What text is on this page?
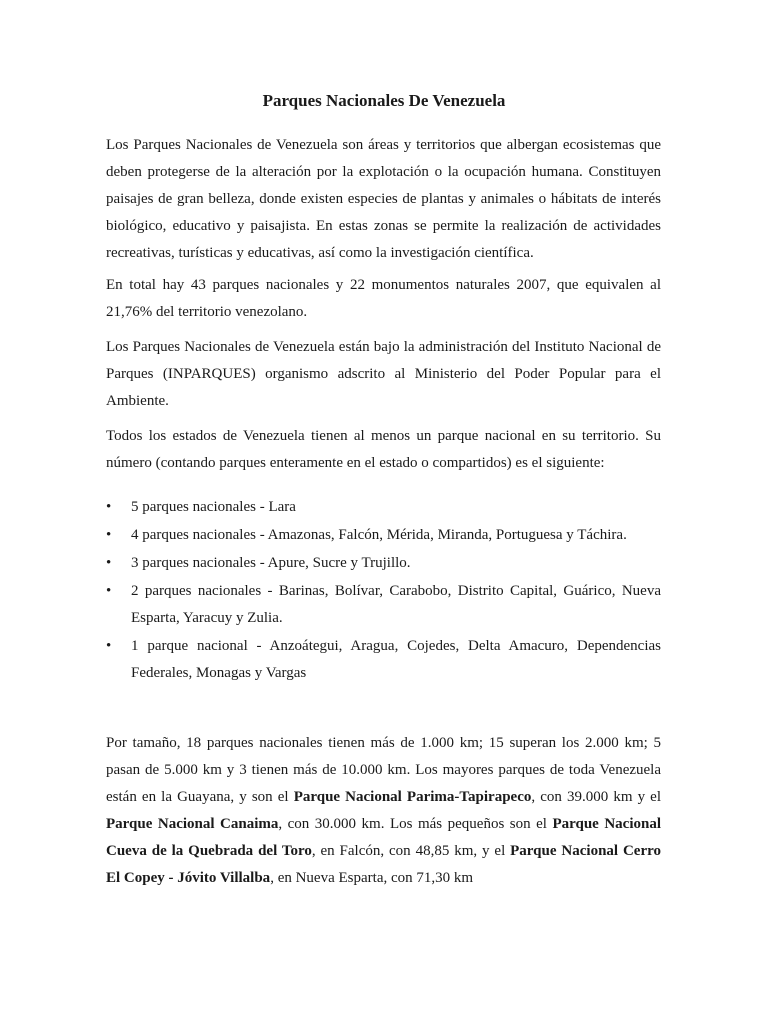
Parques Nacionales De Venezuela

Los Parques Nacionales de Venezuela son áreas y territorios que albergan ecosistemas que deben protegerse de la alteración por la explotación o la ocupación humana. Constituyen paisajes de gran belleza, donde existen especies de plantas y animales o hábitats de interés biológico, educativo y paisajista. En estas zonas se permite la realización de actividades recreativas, turísticas y educativas, así como la investigación científica.

En total hay 43 parques nacionales y 22 monumentos naturales 2007, que equivalen al 21,76% del territorio venezolano.

Los Parques Nacionales de Venezuela están bajo la administración del Instituto Nacional de Parques (INPARQUES) organismo adscrito al Ministerio del Poder Popular para el Ambiente.

Todos los estados de Venezuela tienen al menos un parque nacional en su territorio. Su número (contando parques enteramente en el estado o compartidos) es el siguiente:

•	5 parques nacionales - Lara
•	4 parques nacionales - Amazonas, Falcón, Mérida, Miranda, Portuguesa y Táchira.
•	3 parques nacionales - Apure, Sucre y Trujillo.
•	2 parques nacionales - Barinas, Bolívar, Carabobo, Distrito Capital, Guárico, Nueva Esparta, Yaracuy y Zulia.
•	1 parque nacional - Anzoátegui, Aragua, Cojedes, Delta Amacuro, Dependencias Federales, Monagas y Vargas

Por tamaño, 18 parques nacionales tienen más de 1.000 km; 15 superan los 2.000 km; 5 pasan de 5.000 km y 3 tienen más de 10.000 km. Los mayores parques de toda Venezuela están en la Guayana, y son el Parque Nacional Parima-Tapirapeco, con 39.000 km y el Parque Nacional Canaima, con 30.000 km. Los más pequeños son el Parque Nacional Cueva de la Quebrada del Toro, en Falcón, con 48,85 km, y el Parque Nacional Cerro El Copey - Jóvito Villalba, en Nueva Esparta, con 71,30 km
